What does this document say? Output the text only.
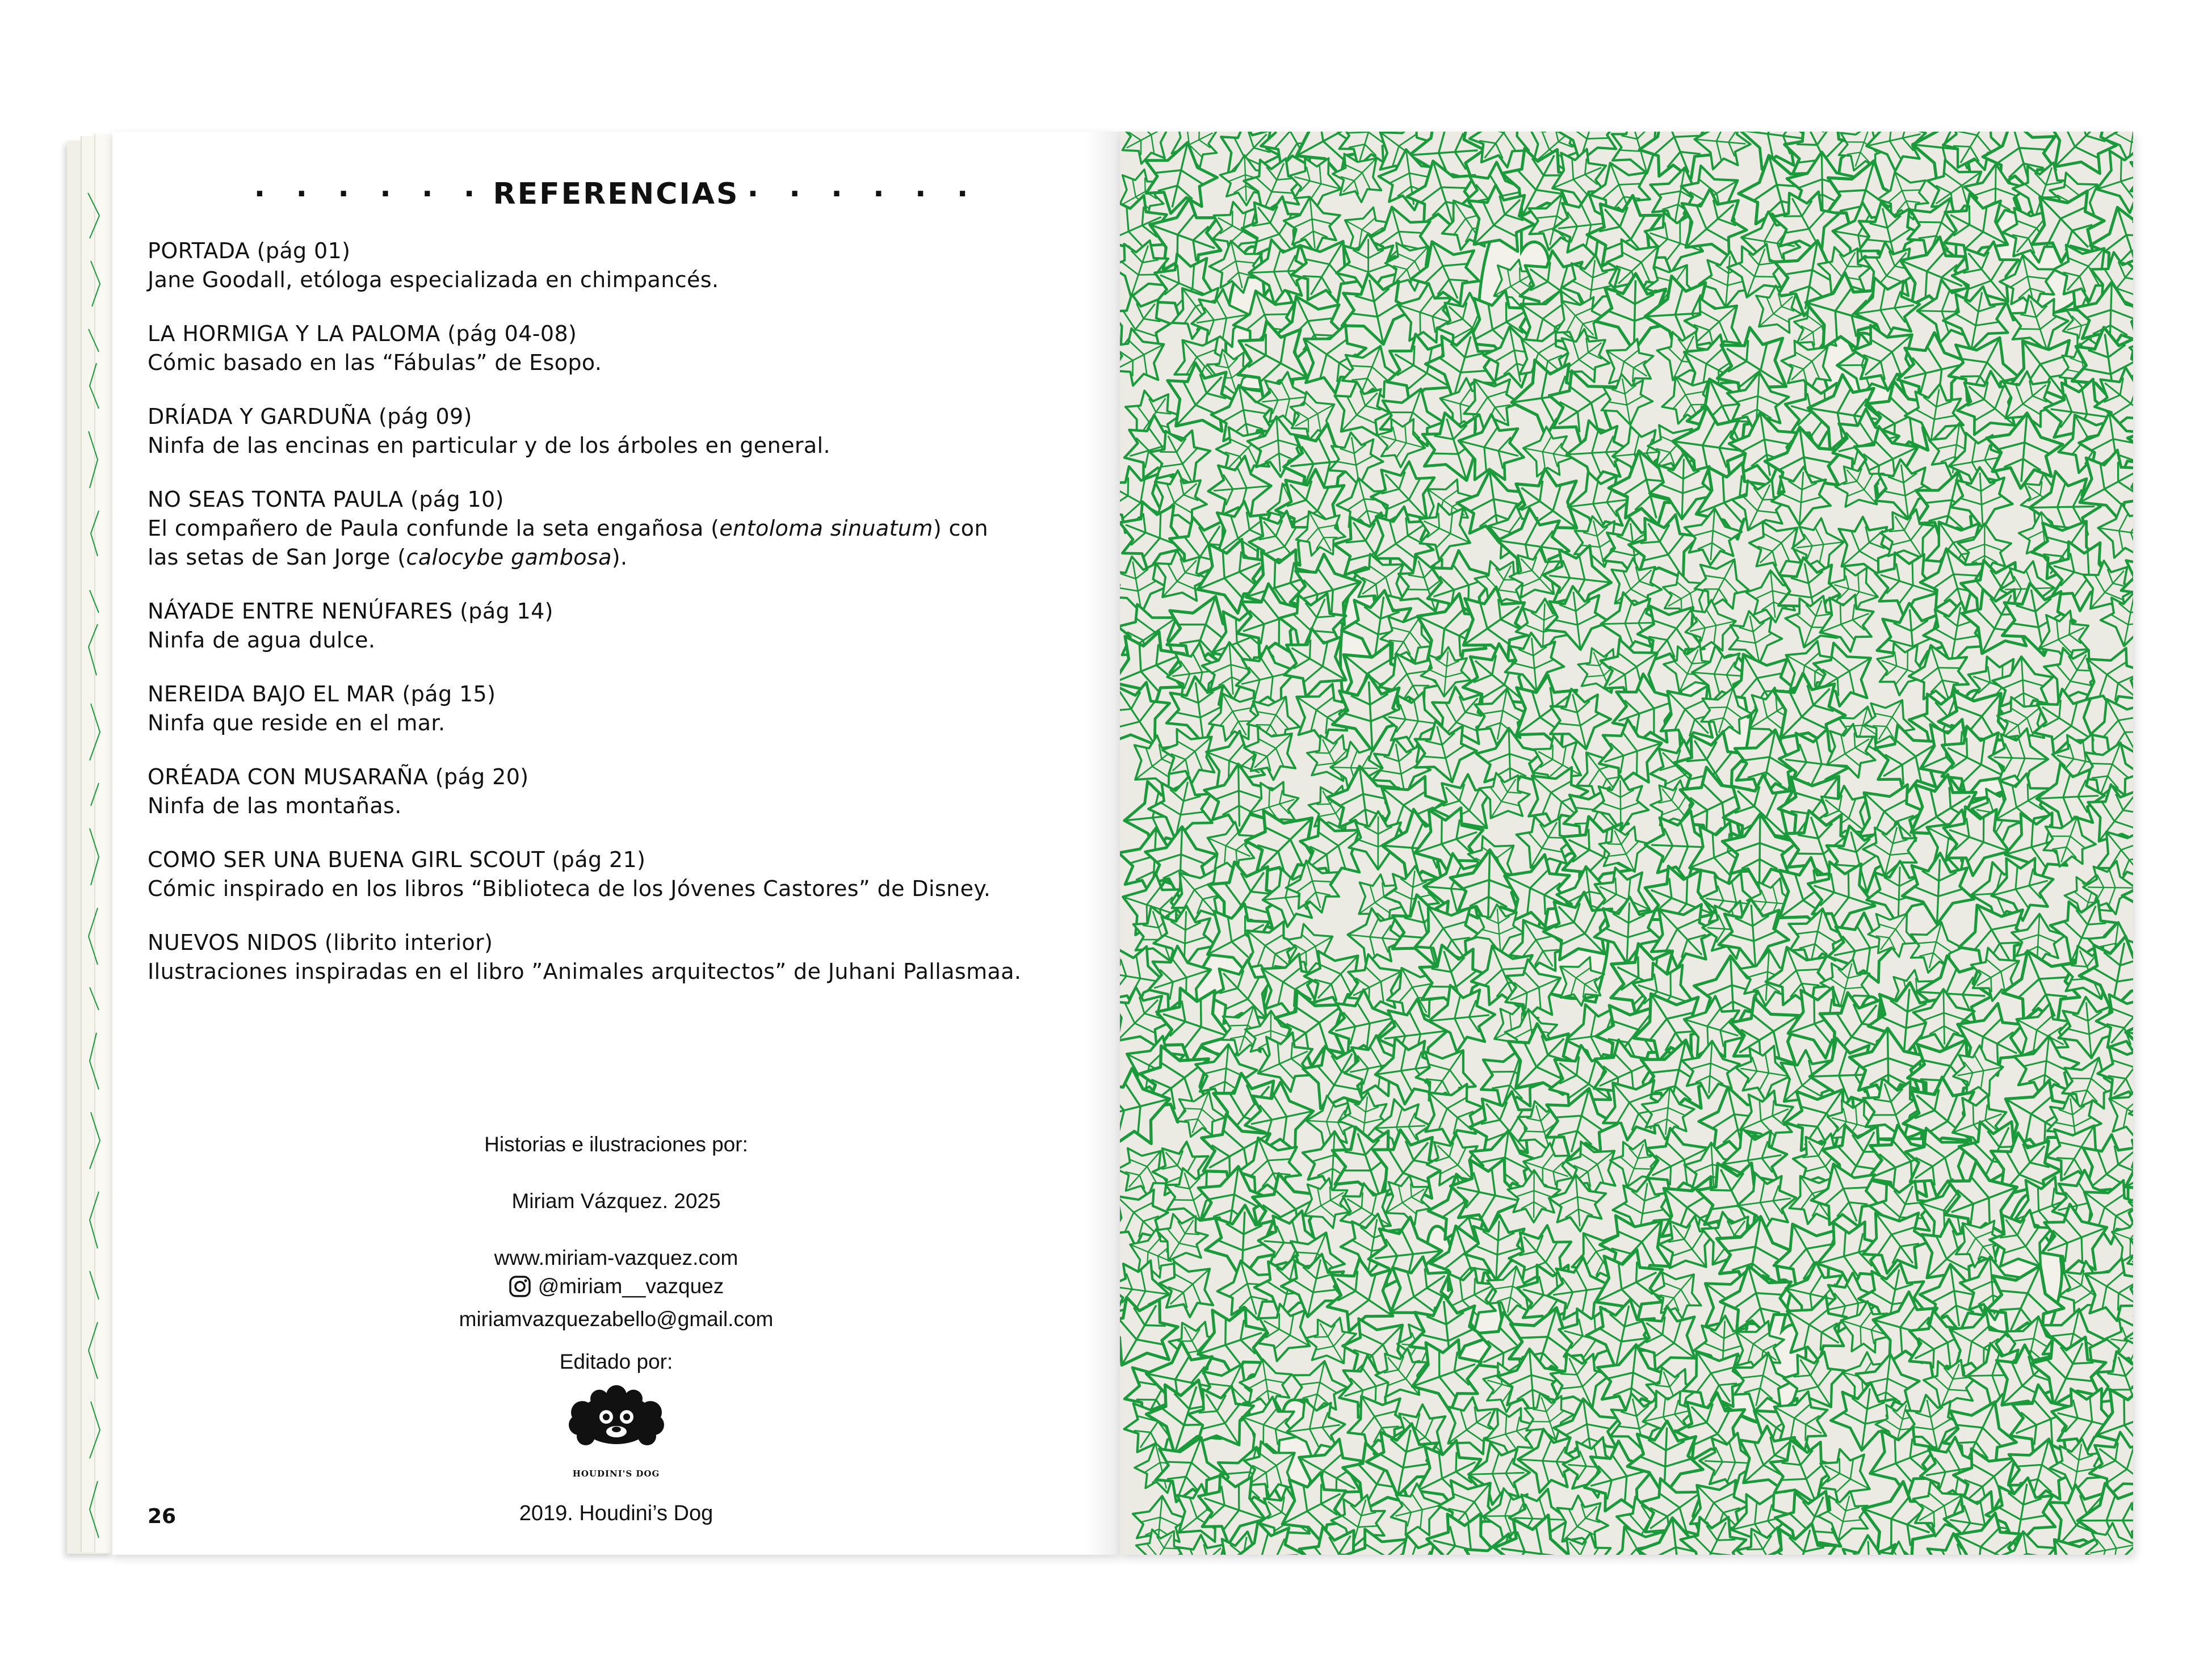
· · · · · · REFERENCIAS · · · · · ·
PORTADA (pág 01)
Jane Goodall, etóloga especializada en chimpancés.
LA HORMIGA Y LA PALOMA (pág 04-08)
Cómic basado en las “Fábulas” de Esopo.
DRÍADA Y GARDUÑA (pág 09)
Ninfa de las encinas en particular y de los árboles en general.
NO SEAS TONTA PAULA (pág 10)
El compañero de Paula confunde la seta engañosa (entoloma sinuatum) con
las setas de San Jorge (calocybe gambosa).
NÁYADE ENTRE NENÚFARES (pág 14)
Ninfa de agua dulce.
NEREIDA BAJO EL MAR (pág 15)
Ninfa que reside en el mar.
ORÉADA CON MUSARAÑA (pág 20)
Ninfa de las montañas.
COMO SER UNA BUENA GIRL SCOUT (pág 21)
Cómic inspirado en los libros “Biblioteca de los Jóvenes Castores” de Disney.
NUEVOS NIDOS (librito interior)
Ilustraciones inspiradas en el libro ”Animales arquitectos” de Juhani Pallasmaa.
Historias e ilustraciones por:
Miriam Vázquez. 2025
www.miriam-vazquez.com
@miriam__vazquez
miriamvazquezabello@gmail.com
Editado por:
HOUDINI'S DOG
26	2019. Houdini’s Dog
